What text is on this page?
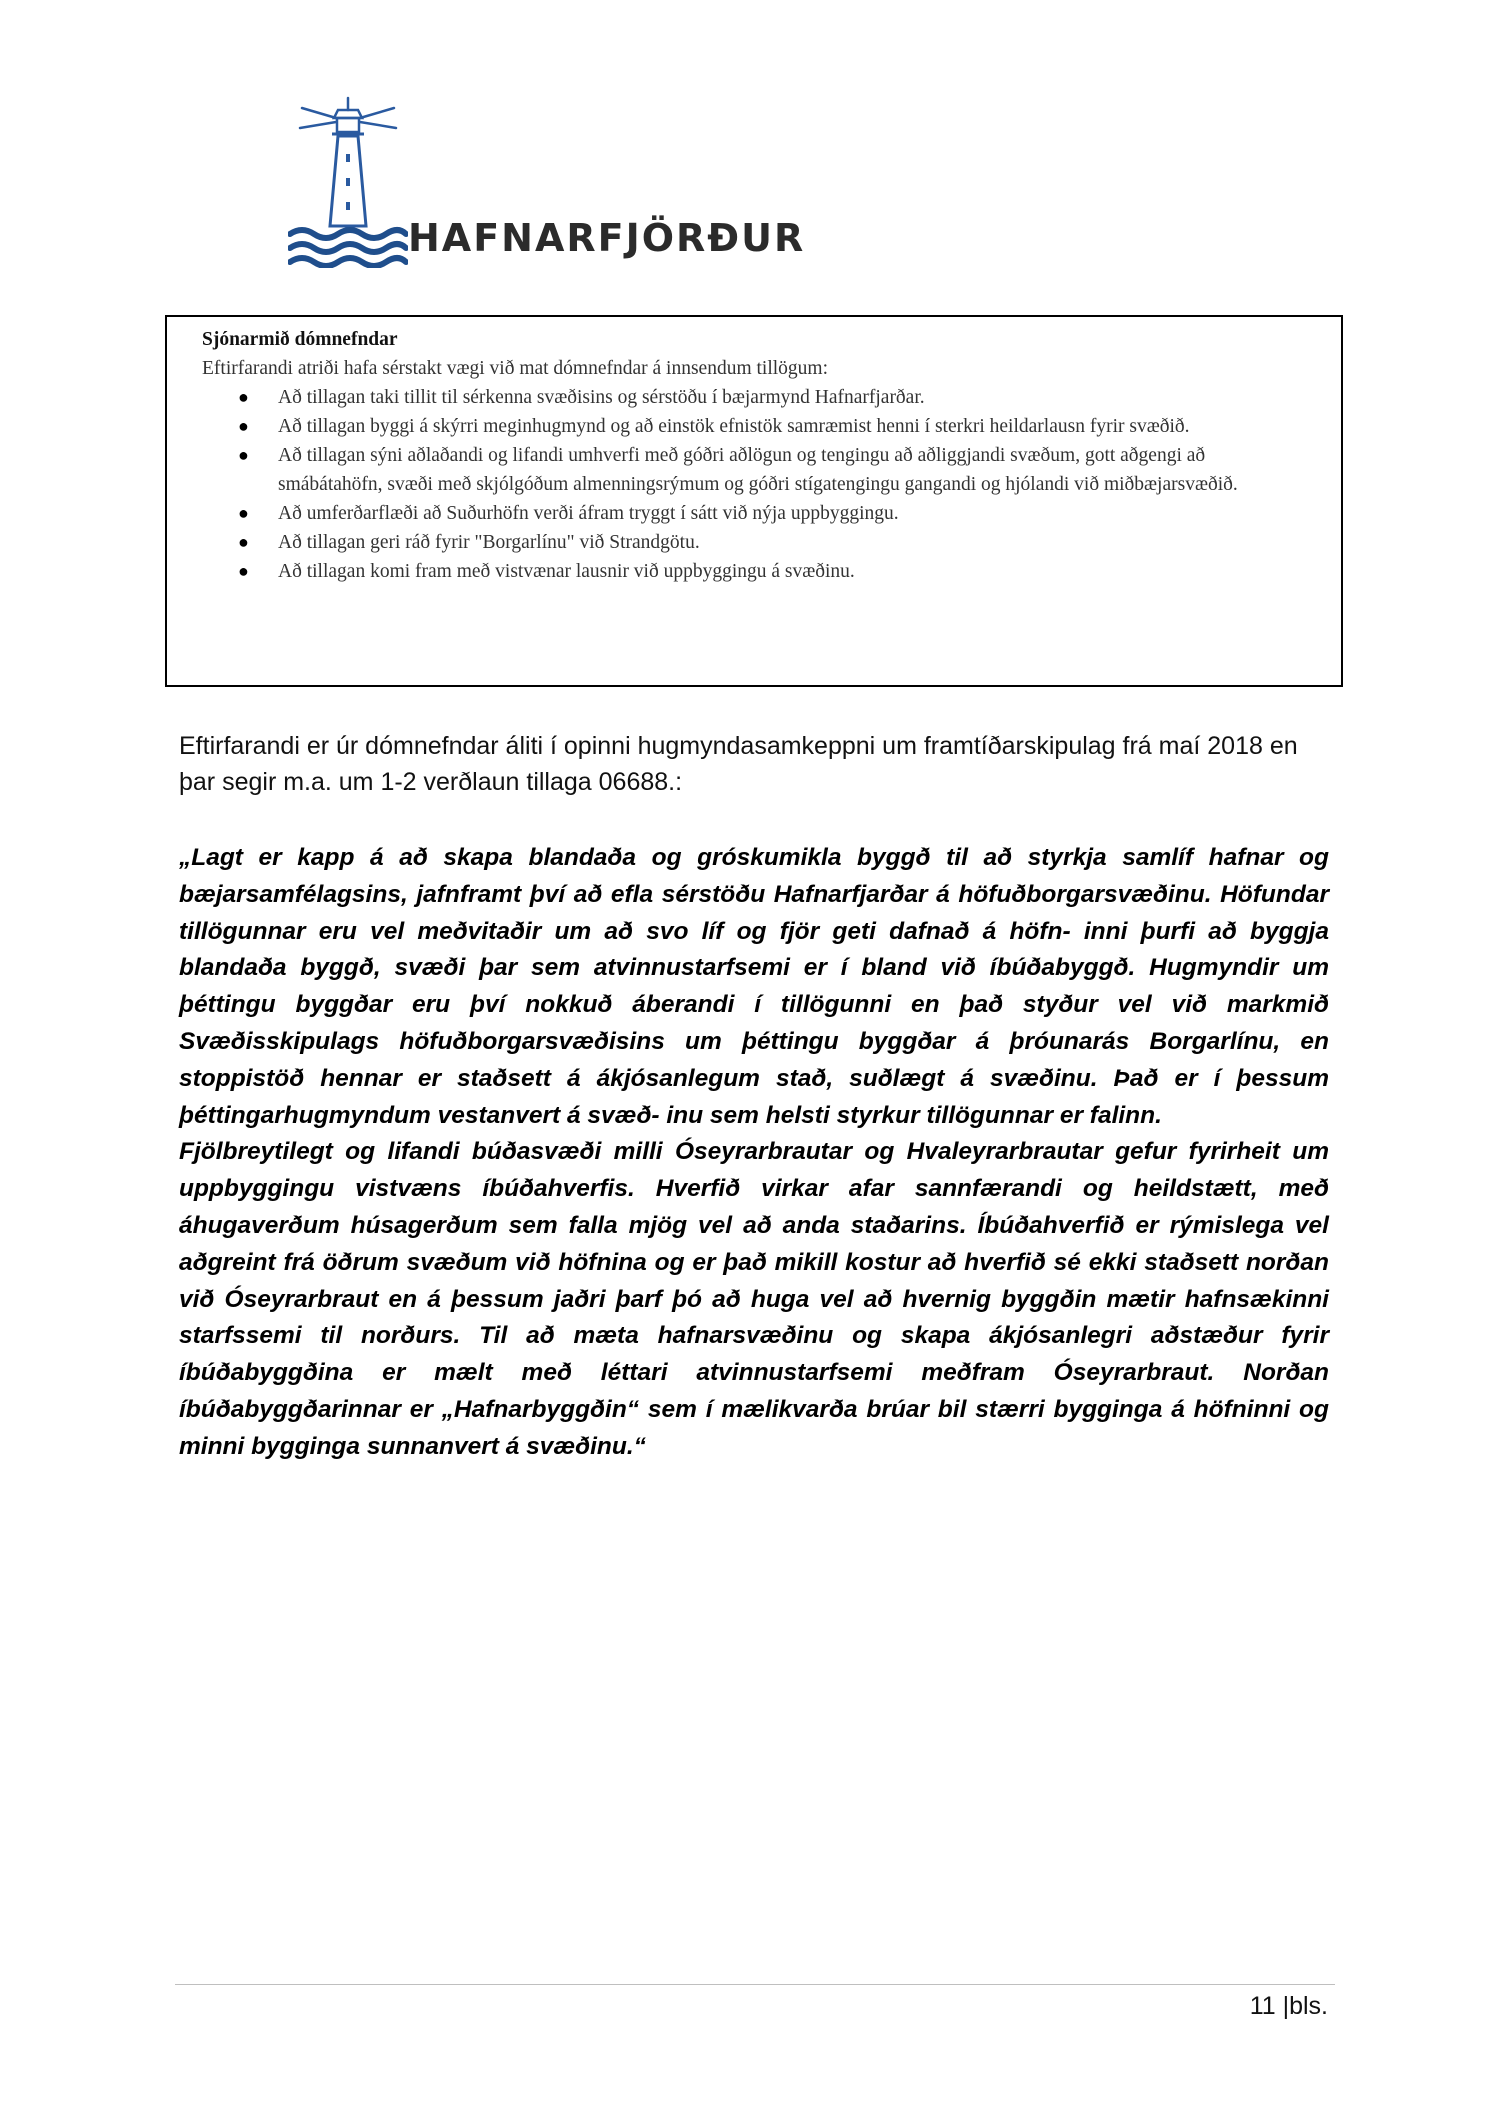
HAFNARFJÖRÐUR
Sjónarmið dómnefndar
Eftirfarandi atriði hafa sérstakt vægi við mat dómnefndar á innsendum tillögum:
● Að tillagan taki tillit til sérkenna svæðisins og sérstöðu í bæjarmynd Hafnarfjarðar.
● Að tillagan byggi á skýrri meginhugmynd og að einstök efnistök samræmist henni í sterkri heildarlausn fyrir svæðið.
● Að tillagan sýni aðlaðandi og lifandi umhverfi með góðri aðlögun og tengingu að aðliggjandi svæðum, gott aðgengi að smábátahöfn, svæði með skjólgóðum almenningsrýmum og góðri stígatengingu gangandi og hjólandi við miðbæjarsvæðið.
● Að umferðarflæði að Suðurhöfn verði áfram tryggt í sátt við nýja uppbyggingu.
● Að tillagan geri ráð fyrir "Borgarlínu" við Strandgötu.
● Að tillagan komi fram með vistvænar lausnir við uppbyggingu á svæðinu.
Eftirfarandi er úr dómnefndar áliti í opinni hugmyndasamkeppni um framtíðarskipulag frá maí 2018 en þar segir m.a. um 1-2 verðlaun tillaga 06688.:

„Lagt er kapp á að skapa blandaða og gróskumikla byggð til að styrkja samlíf hafnar og bæjarsamfélagsins, jafnframt því að efla sérstöðu Hafnarfjarðar á höfuðborgarsvæðinu. Höfundar tillögunnar eru vel meðvitaðir um að svo líf og fjör geti dafnað á höfn- inni þurfi að byggja blandaða byggð, svæði þar sem atvinnustarfsemi er í bland við íbúðabyggð. Hugmyndir um þéttingu byggðar eru því nokkuð áberandi í tillögunni en það styður vel við markmið Svæðisskipulags höfuðborgarsvæðisins um þéttingu byggðar á þróunarás Borgarlínu, en stoppistöð hennar er staðsett á ákjósanlegum stað, suðlægt á svæðinu. Það er í þessum þéttingarhugmyndum vestanvert á svæð- inu sem helsti styrkur tillögunnar er falinn.

Fjölbreytilegt og lifandi búðasvæði milli Óseyrarbrautar og Hvaleyrarbrautar gefur fyrirheit um uppbyggingu vistvæns íbúðahverfis. Hverfið virkar afar sannfærandi og heildstætt, með áhugaverðum húsagerðum sem falla mjög vel að anda staðarins. Íbúðahverfið er rýmislega vel aðgreint frá öðrum svæðum við höfnina og er það mikill kostur að hverfið sé ekki staðsett norðan við Óseyrarbraut en á þessum jaðri þarf þó að huga vel að hvernig byggðin mætir hafnsækinni starfssemi til norðurs. Til að mæta hafnarsvæðinu og skapa ákjósanlegri aðstæður fyrir íbúðabyggðina er mælt með léttari atvinnustarfsemi meðfram Óseyrarbraut. Norðan íbúðabyggðarinnar er „Hafnarbyggðin“ sem í mælikvarða brúar bil stærri bygginga á höfninni og minni bygginga sunnanvert á svæðinu.“

11 |bls.
